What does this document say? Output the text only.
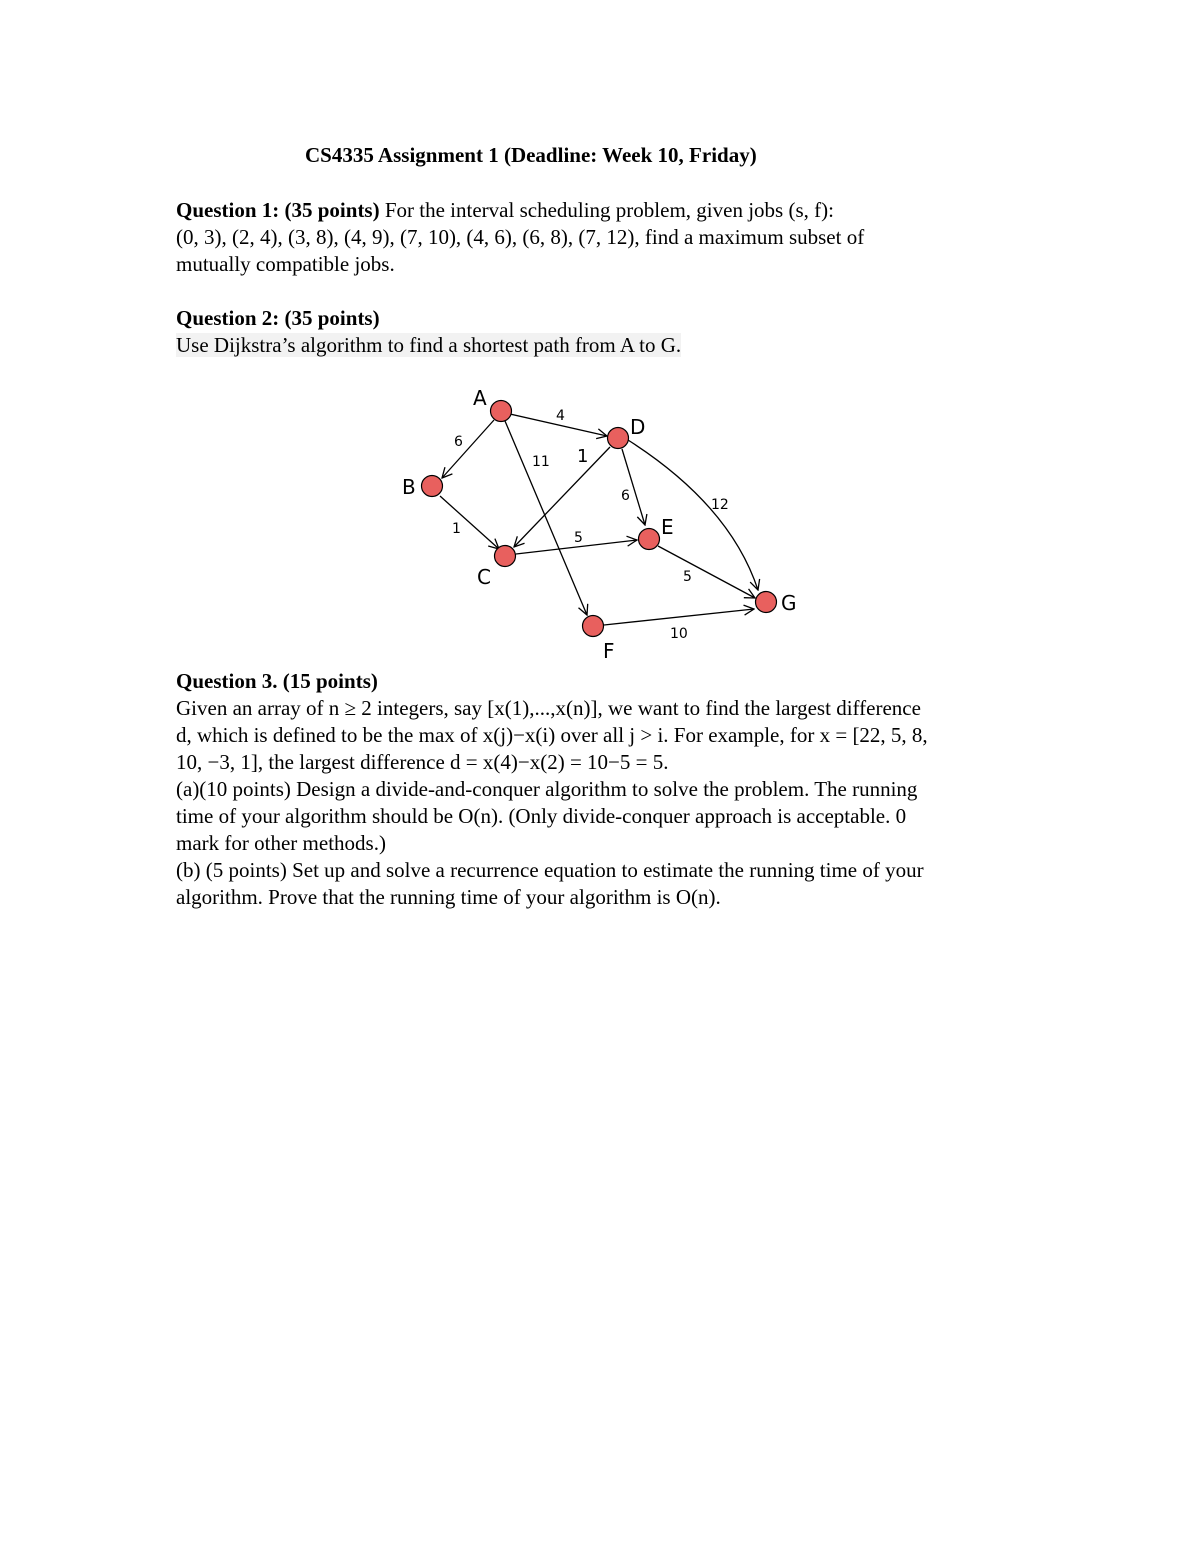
CS4335 Assignment 1 (Deadline: Week 10, Friday)

Question 1: (35 points) For the interval scheduling problem, given jobs (s, f):

(0, 3), (2, 4), (3, 8), (4, 9), (7, 10), (4, 6), (6, 8), (7, 12), find a maximum subset of

mutually compatible jobs.

Question 2: (35 points)

Use Dijkstra’s algorithm to find a shortest path from A to G.

4
6
11 1
1
6
12
5
5
10
A
B
C
D
E
F
G

Question 3. (15 points)

Given an array of n ≥ 2 integers, say [x(1),...,x(n)], we want to find the largest difference

d, which is defined to be the max of x(j)−x(i) over all j > i. For example, for x = [22, 5, 8,

10, −3, 1], the largest difference d = x(4)−x(2) = 10−5 = 5.

(a)(10 points) Design a divide-and-conquer algorithm to solve the problem. The running

time of your algorithm should be O(n). (Only divide-conquer approach is acceptable. 0

mark for other methods.)

(b) (5 points) Set up and solve a recurrence equation to estimate the running time of your

algorithm. Prove that the running time of your algorithm is O(n).
